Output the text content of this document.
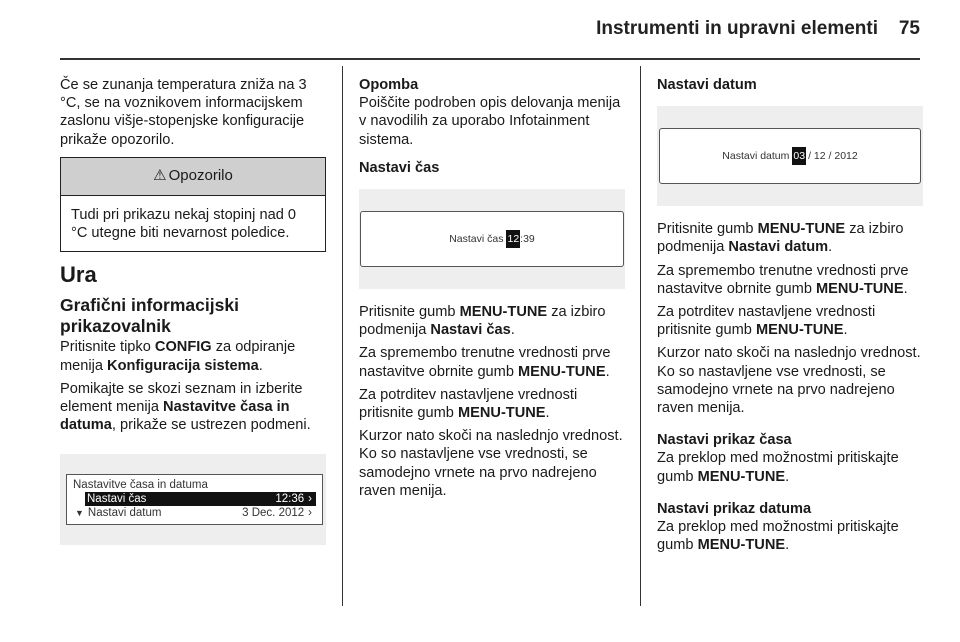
Instrumenti in upravni elementi 75

Če se zunanja temperatura zniža na 3 °C, se na voznikovem informacijskem zaslonu višje-stopenjske konfiguracije prikaže opozorilo.

⚠ Opozorilo
Tudi pri prikazu nekaj stopinj nad 0 °C utegne biti nevarnost poledice.
Ura
Grafični informacijski prikazovalnik

Pritisnite tipko CONFIG za odpiranje menija Konfiguracija sistema.

Pomikajte se skozi seznam in izberite element menija Nastavitve časa in datuma, prikaže se ustrezen podmeni.

Nastavitve časa in datuma
Nastavi čas	12:36 ›
▼ Nastavi datum	3 Dec. 2012 ›
Opomba

Poiščite podroben opis delovanja menija v navodilih za uporabo Infotainment sistema.

Nastavi čas
Nastavi čas 12 :39

Pritisnite gumb MENU-TUNE za izbiro podmenija Nastavi čas.

Za spremembo trenutne vrednosti prve nastavitve obrnite gumb MENU-TUNE.

Za potrditev nastavljene vrednosti pritisnite gumb MENU-TUNE.

Kurzor nato skoči na naslednjo vrednost. Ko so nastavljene vse vrednosti, se samodejno vrnete na prvo nadrejeno raven menija.

Nastavi datum
Nastavi datum 03 / 12 / 2012

Pritisnite gumb MENU-TUNE za izbiro podmenija Nastavi datum.

Za spremembo trenutne vrednosti prve nastavitve obrnite gumb MENU-TUNE.

Za potrditev nastavljene vrednosti pritisnite gumb MENU-TUNE.

Kurzor nato skoči na naslednjo vrednost. Ko so nastavljene vse vrednosti, se samodejno vrnete na prvo nadrejeno raven menija.

Nastavi prikaz časa

Za preklop med možnostmi pritiskajte gumb MENU-TUNE.

Nastavi prikaz datuma

Za preklop med možnostmi pritiskajte gumb MENU-TUNE.
